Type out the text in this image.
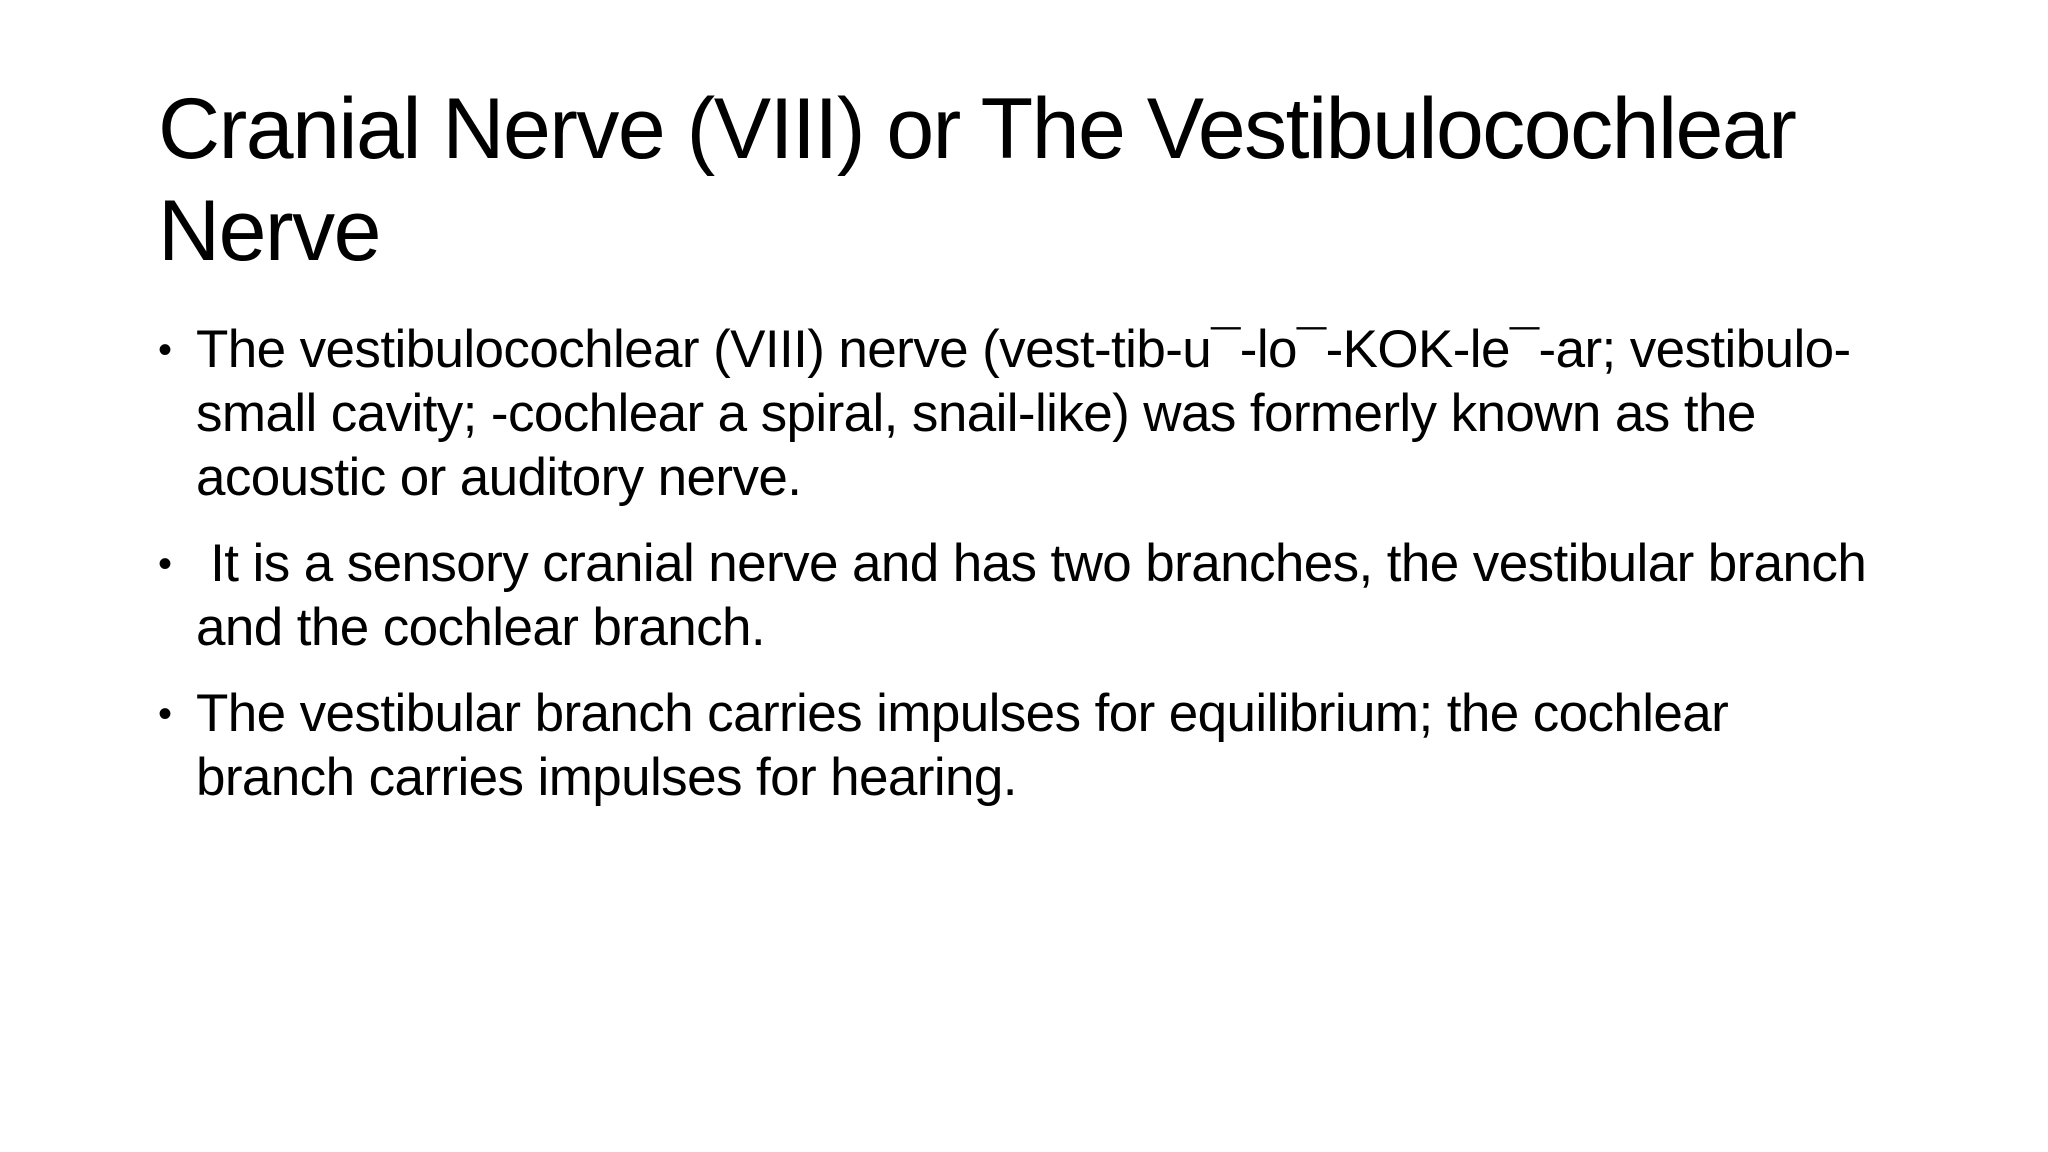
Cranial Nerve (VIII) or The Vestibulocochlear Nerve
• The vestibulocochlear (VIII) nerve (vest-tib-u¯-lo¯-KOK-le¯-ar; vestibulo- small cavity; -cochlear a spiral, snail-like) was formerly known as the acoustic or auditory nerve.
• It is a sensory cranial nerve and has two branches, the vestibular branch and the cochlear branch.
• The vestibular branch carries impulses for equilibrium; the cochlear branch carries impulses for hearing.
